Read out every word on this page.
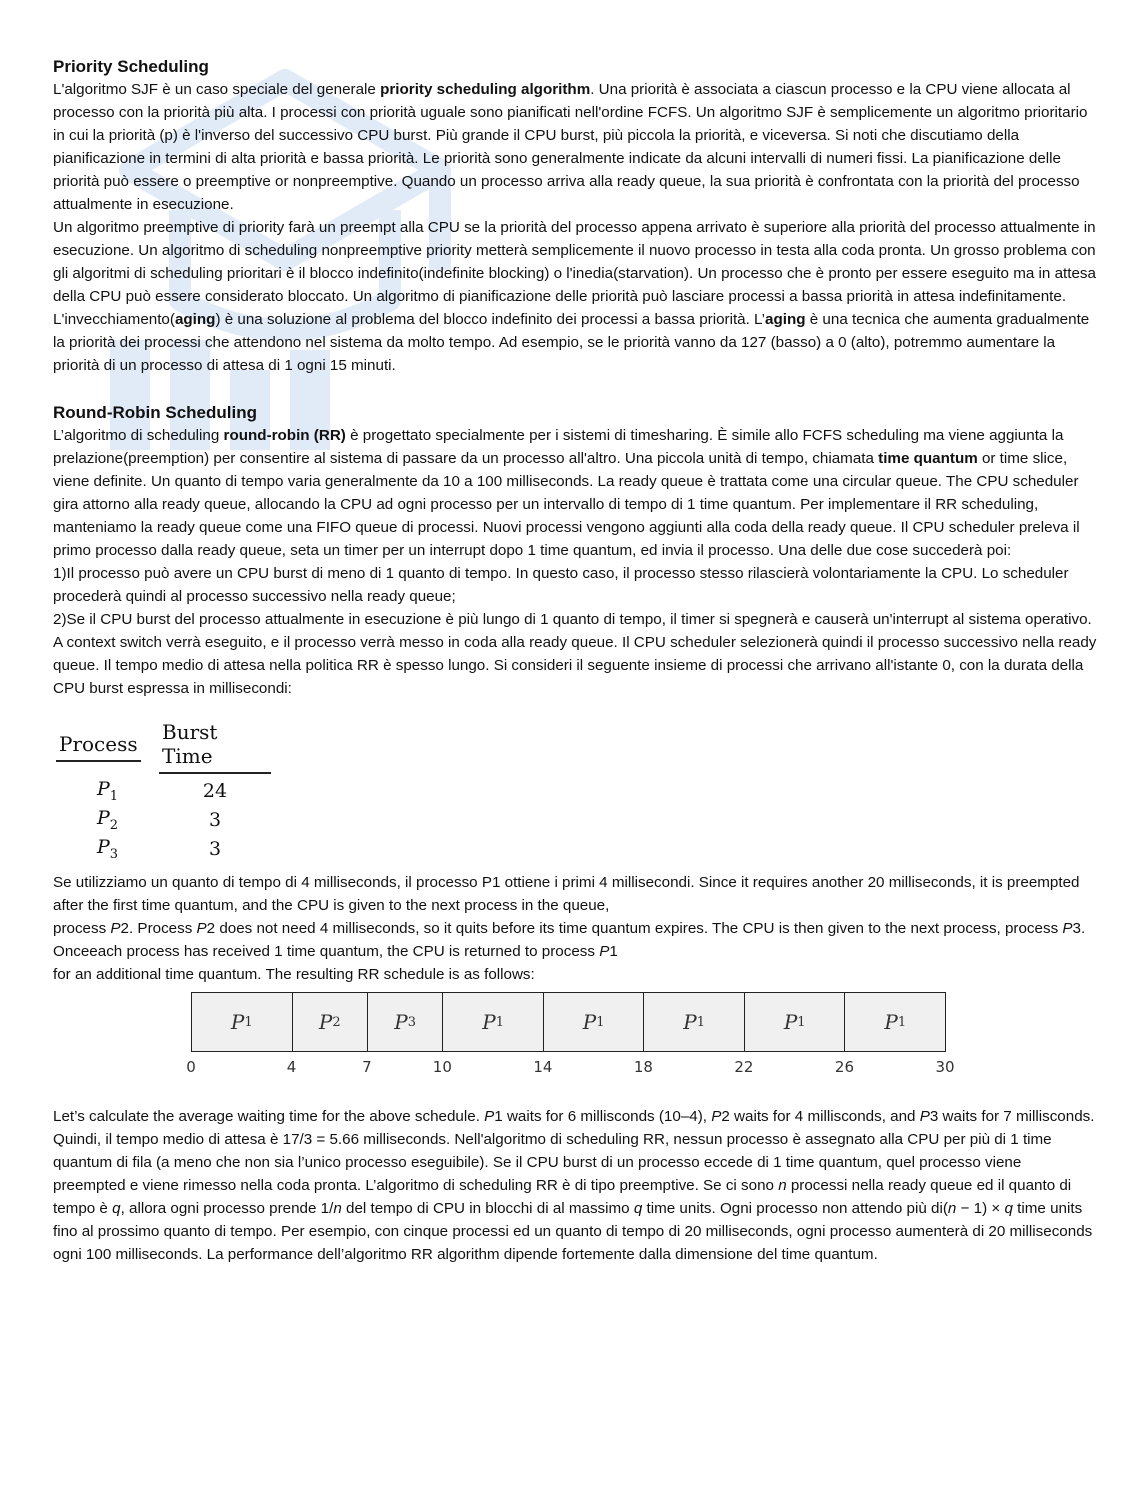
Priority Scheduling

L'algoritmo SJF è un caso speciale del generale priority scheduling algorithm. Una priorità è associata a ciascun processo e la CPU viene allocata al processo con la priorità più alta. I processi con priorità uguale sono pianificati nell'ordine FCFS. Un algoritmo SJF è semplicemente un algoritmo prioritario in cui la priorità (p) è l'inverso del successivo CPU burst. Più grande il CPU burst, più piccola la priorità, e viceversa. Si noti che discutiamo della pianificazione in termini di alta priorità e bassa priorità. Le priorità sono generalmente indicate da alcuni intervalli di numeri fissi. La pianificazione delle priorità può essere o preemptive or nonpreemptive. Quando un processo arriva alla ready queue, la sua priorità è confrontata con la priorità del processo attualmente in esecuzione.

Un algoritmo preemptive di priority farà un preempt alla CPU se la priorità del processo appena arrivato è superiore alla priorità del processo attualmente in esecuzione. Un algoritmo di scheduling nonpreemptive priority metterà semplicemente il nuovo processo in testa alla coda pronta. Un grosso problema con gli algoritmi di scheduling prioritari è il blocco indefinito(indefinite blocking) o l'inedia(starvation). Un processo che è pronto per essere eseguito ma in attesa della CPU può essere considerato bloccato. Un algoritmo di pianificazione delle priorità può lasciare processi a bassa priorità in attesa indefinitamente. L'invecchiamento(aging) è una soluzione al problema del blocco indefinito dei processi a bassa priorità. L’aging è una tecnica che aumenta gradualmente la priorità dei processi che attendono nel sistema da molto tempo. Ad esempio, se le priorità vanno da 127 (basso) a 0 (alto), potremmo aumentare la priorità di un processo di attesa di 1 ogni 15 minuti.

Round-Robin Scheduling

L’algoritmo di scheduling round-robin (RR) è progettato specialmente per i sistemi di timesharing. È simile allo FCFS scheduling ma viene aggiunta la prelazione(preemption) per consentire al sistema di passare da un processo all'altro. Una piccola unità di tempo, chiamata time quantum or time slice, viene definite. Un quanto di tempo varia generalmente da 10 a 100 milliseconds. La ready queue è trattata come una circular queue. The CPU scheduler gira attorno alla ready queue, allocando la CPU ad ogni processo per un intervallo di tempo di 1 time quantum. Per implementare il RR scheduling, manteniamo la ready queue come una FIFO queue di processi. Nuovi processi vengono aggiunti alla coda della ready queue. Il CPU scheduler preleva il primo processo dalla ready queue, seta un timer per un interrupt dopo 1 time quantum, ed invia il processo. Una delle due cose succederà poi:

1)Il processo può avere un CPU burst di meno di 1 quanto di tempo. In questo caso, il processo stesso rilascierà volontariamente la CPU. Lo scheduler procederà quindi al processo successivo nella ready queue;

2)Se il CPU burst del processo attualmente in esecuzione è più lungo di 1 quanto di tempo, il timer si spegnerà e causerà un'interrupt al sistema operativo. A context switch verrà eseguito, e il processo verrà messo in coda alla ready queue. Il CPU scheduler selezionerà quindi il processo successivo nella ready queue. Il tempo medio di attesa nella politica RR è spesso lungo. Si consideri il seguente insieme di processi che arrivano all'istante 0, con la durata della CPU burst espressa in millisecondi:

Process	Burst Time
$P_1$	24
$P_2$	3
$P_3$	3

Se utilizziamo un quanto di tempo di 4 milliseconds, il processo P1 ottiene i primi 4 millisecondi. Since it requires another 20 milliseconds, it is preempted after the first time quantum, and the CPU is given to the next process in the queue,
process P2. Process P2 does not need 4 milliseconds, so it quits before its time quantum expires. The CPU is then given to the next process, process P3. Onceeach process has received 1 time quantum, the CPU is returned to process P1
for an additional time quantum. The resulting RR schedule is as follows:

P 1	P 2	P 3	P 1	P 1	P 1	P 1	P 1
0	4	7	10	14	18	22	26	30

Let’s calculate the average waiting time for the above schedule. P1 waits for 6 millisconds (10–4), P2 waits for 4 millisconds, and P3 waits for 7 millisconds. Quindi, il tempo medio di attesa è 17/3 = 5.66 milliseconds. Nell'algoritmo di scheduling RR, nessun processo è assegnato alla CPU per più di 1 time quantum di fila (a meno che non sia l’unico processo eseguibile). Se il CPU burst di un processo eccede di 1 time quantum, quel processo viene preempted e viene rimesso nella coda pronta. L’algoritmo di scheduling RR è di tipo preemptive. Se ci sono n processi nella ready queue ed il quanto di tempo è q, allora ogni processo prende 1/n del tempo di CPU in blocchi di al massimo q time units. Ogni processo non attendo più di(n − 1) × q time units fino al prossimo quanto di tempo. Per esempio, con cinque processi ed un quanto di tempo di 20 milliseconds, ogni processo aumenterà di 20 milliseconds ogni 100 milliseconds. La performance dell’algoritmo RR algorithm dipende fortemente dalla dimensione del time quantum.
